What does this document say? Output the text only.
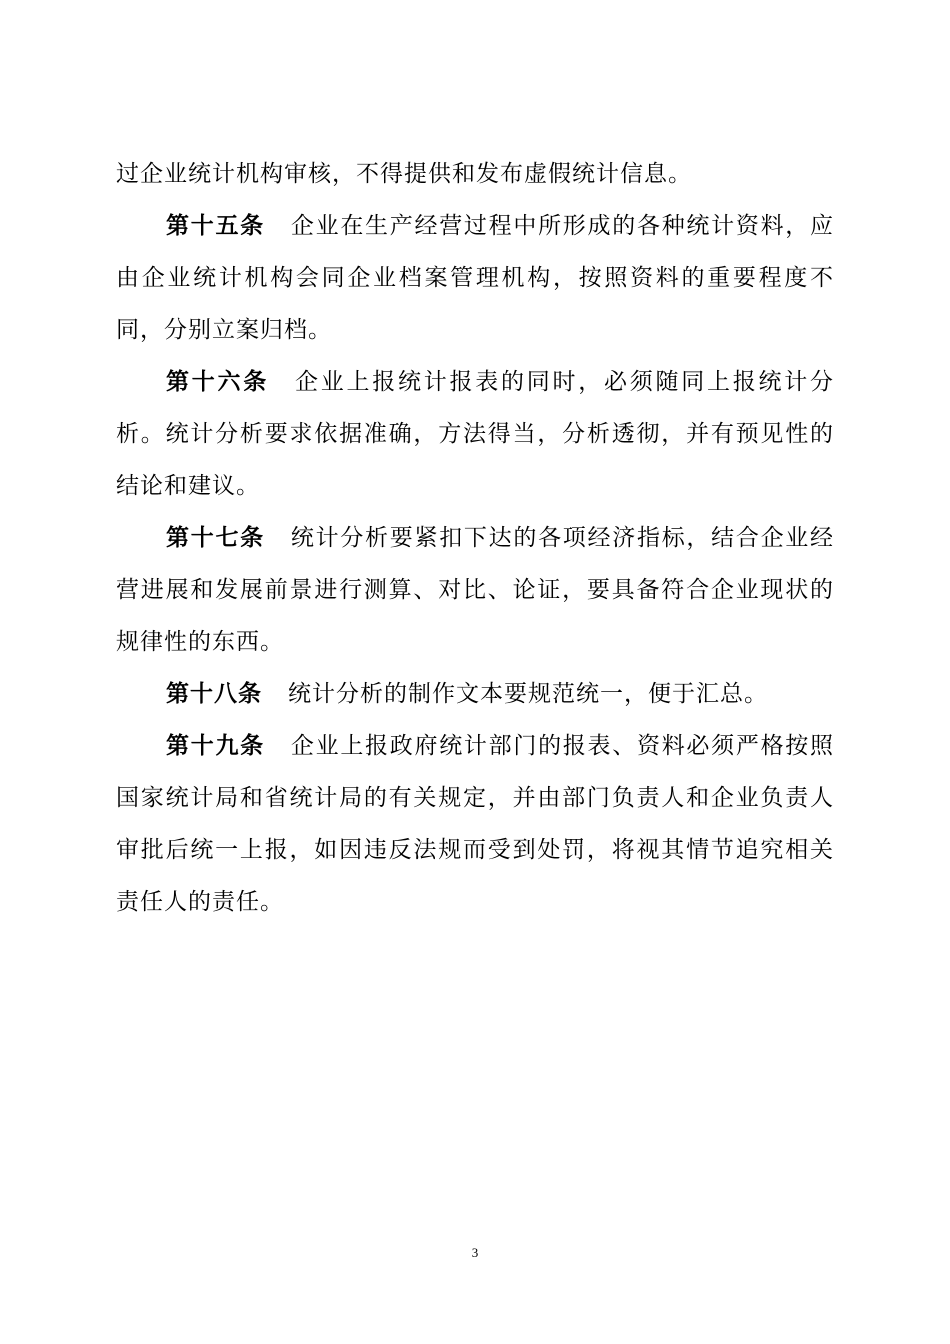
过企业统计机构审核，不得提供和发布虚假统计信息。

第十五条 企业在生产经营过程中所形成的各种统计资料，应由企业统计机构会同企业档案管理机构，按照资料的重要程度不同，分别立案归档。

第十六条 企业上报统计报表的同时，必须随同上报统计分析。统计分析要求依据准确，方法得当，分析透彻，并有预见性的结论和建议。

第十七条 统计分析要紧扣下达的各项经济指标，结合企业经营进展和发展前景进行测算、对比、论证，要具备符合企业现状的规律性的东西。

第十八条 统计分析的制作文本要规范统一，便于汇总。

第十九条 企业上报政府统计部门的报表、资料必须严格按照国家统计局和省统计局的有关规定，并由部门负责人和企业负责人审批后统一上报，如因违反法规而受到处罚，将视其情节追究相关责任人的责任。

3
